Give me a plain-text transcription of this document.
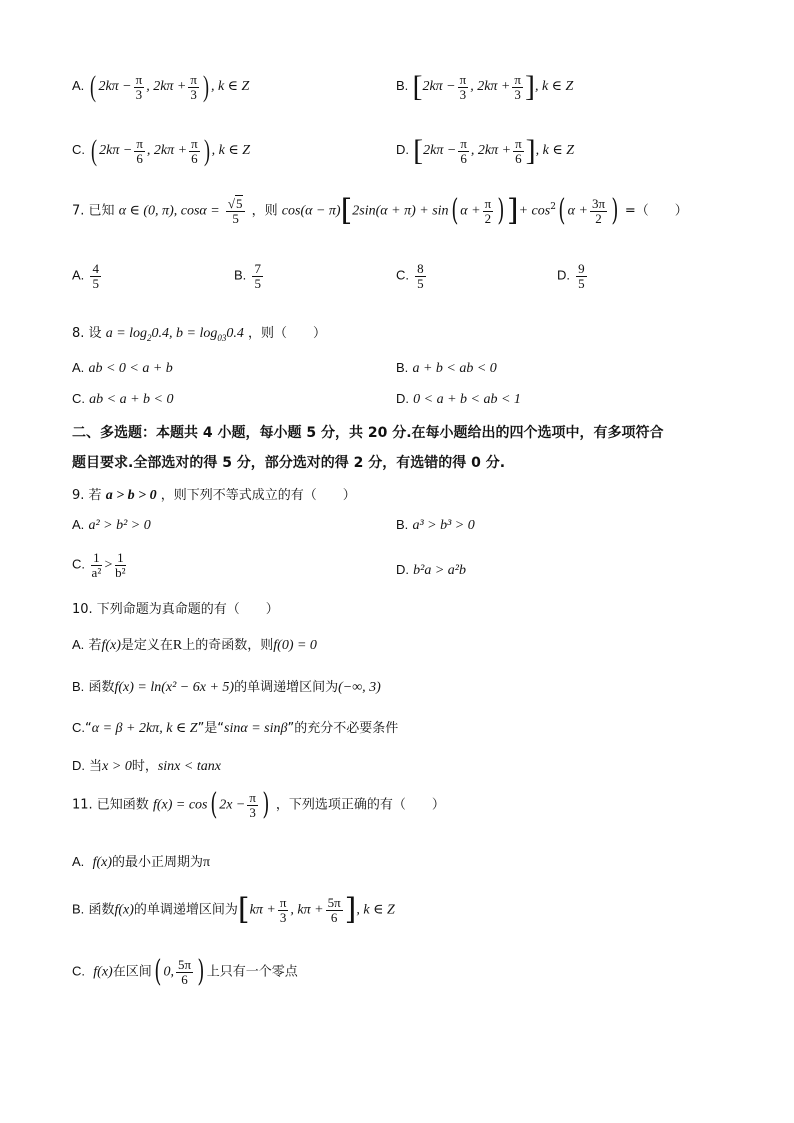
A. ( $2k\pi - \frac{\pi}{3}$ , $2k\pi + \frac{\pi}{3}$ ) , k ∈ Z	B. [$2k\pi - \frac{\pi}{3}$ , $2k\pi + \frac{\pi}{3}$ ], k ∈ Z
C. ( $2k\pi - \frac{\pi}{6}$ , $2k\pi + \frac{\pi}{6}$ ) , k ∈ Z	D. [$2k\pi - \frac{\pi}{6}$ , $2k\pi + \frac{\pi}{6}$ ], k ∈ Z
7. 已知 α ∈ (0, π), $\cos\alpha = \frac{√5}{5}$ ，则 cos(α − π)[2sin(α + π) + sin( $\alpha + \frac{\pi}{2}$ )]+ $\cos^2$( $\alpha + \frac{3\pi}{2}$ ) =（　　）
A. $\frac{4}{5}$	B. $\frac{7}{5}$	C. $\frac{8}{5}$	D. $\frac{9}{5}$
8. 设 $a = \log_20.4$, $b = \log_{03}0.4$ ，则（　　）
A. ab < 0 < a + b	B. a + b < ab < 0
C. ab < a + b < 0	D. 0 < a + b < ab < 1
二、多选题：本题共 4 小题，每小题 5 分，共 20 分.在每小题给出的四个选项中，有多项符合
题目要求.全部选对的得 5 分，部分选对的得 2 分，有选错的得 0 分.
9. 若 a > b > 0 ，则下列不等式成立的有（　　）
A. a² > b² > 0	B. a³ > b³ > 0
C. $\frac{1}{\text{a²}} > \frac{1}{\text{b²}}$	D. b²a > a²b
10. 下列命题为真命题的有（　　）
A. 若f(x)是定义在R上的奇函数，则f(0) = 0
B. 函数f(x) = ln(x² − 6x + 5)的单调递增区间为(−∞, 3)
C.“α = β + 2kπ, k ∈ Z”是“sinα = sinβ”的充分不必要条件
D. 当x > 0时，sinx < tanx
11. 已知函数 f(x) = cos( $2x - \frac{\pi}{3}$ ) ，下列选项正确的有（　　）
A. f(x)的最小正周期为π
B. 函数f(x)的单调递增区间为[$k\pi + \frac{\pi}{3}$ , $k\pi + \frac{5\pi}{6}$ ], k ∈ Z
C. f(x)在区间( 0, $\frac{5\pi}{6}$ ) 上只有一个零点
